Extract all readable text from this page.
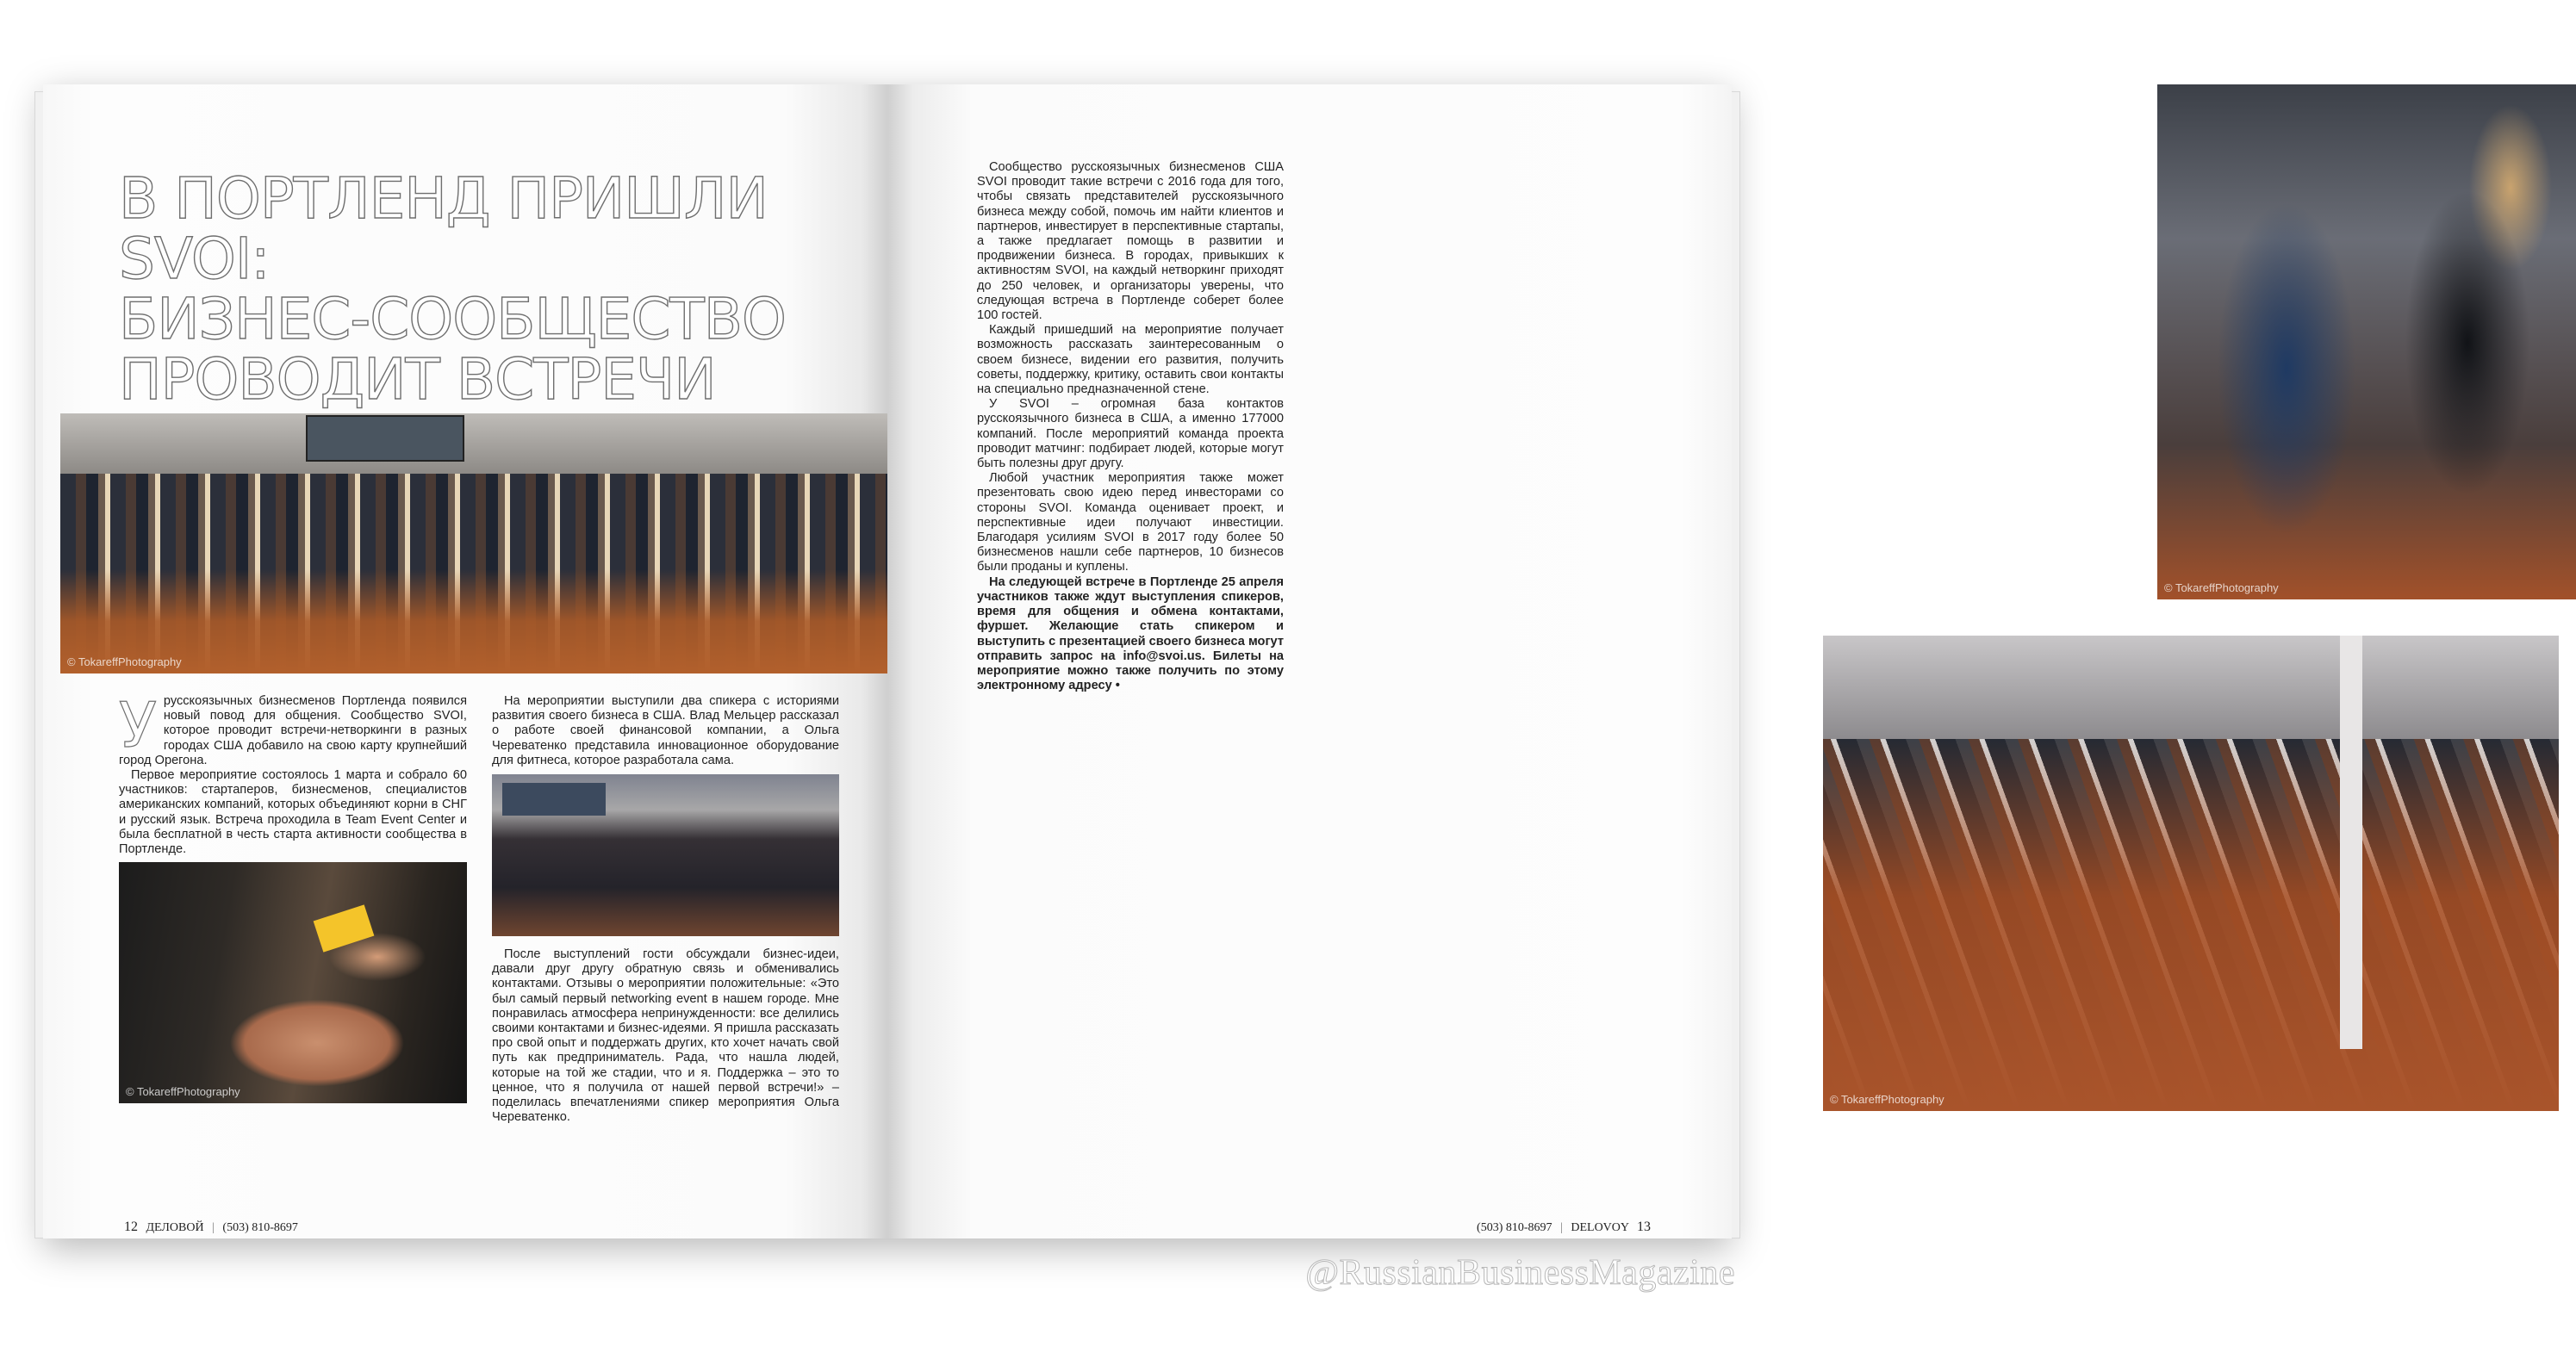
В ПОРТЛЕНД ПРИШЛИ SVOI:
БИЗНЕС-СООБЩЕСТВО
ПРОВОДИТ ВСТРЕЧИ
© TokareffPhotography
У русскоязычных бизнесменов Портленда появился новый повод для общения. Сообщество SVOI, которое проводит встречи-нетворкинги в разных городах США добавило на свою карту крупнейший город Орегона.

Первое мероприятие состоялось 1 марта и собрало 60 участников: стартаперов, бизнесменов, специалистов американских компаний, которых объединяют корни в СНГ и русский язык. Встреча проходила в Team Event Center и была бесплатной в честь старта активности сообщества в Портленде.

© TokareffPhotography

На мероприятии выступили два спикера с историями развития своего бизнеса в США. Влад Мельцер рассказал о работе своей финансовой компании, а Ольга Череватенко представила инновационное оборудование для фитнеса, которое разработала сама.

После выступлений гости обсуждали бизнес-идеи, давали друг другу обратную связь и обменивались контактами. Отзывы о мероприятии положительные: «Это был самый первый networking event в нашем городе. Мне понравилась атмосфера непринужденности: все делились своими контактами и бизнес-идеями. Я пришла рассказать про свой опыт и поддержать других, кто хочет начать свой путь как предприниматель. Рада, что нашла людей, которые на той же стадии, что и я. Поддержка – это то ценное, что я получила от нашей первой встречи!» – поделилась впечатлениями спикер мероприятия Ольга Череватенко.

12 ДЕЛОВОЙ | (503) 810-8697

Сообщество русскоязычных бизнесменов США SVOI проводит такие встречи с 2016 года для того, чтобы связать представителей русскоязычного бизнеса между собой, помочь им найти клиентов и партнеров, инвестирует в перспективные стартапы, а также предлагает помощь в развитии и продвижении бизнеса. В городах, привыкших к активностям SVOI, на каждый нетворкинг приходят до 250 человек, и организаторы уверены, что следующая встреча в Портленде соберет более 100 гостей.

Каждый пришедший на мероприятие получает возможность рассказать заинтересованным о своем бизнесе, видении его развития, получить советы, поддержку, критику, оставить свои контакты на специально предназначенной стене.

У SVOI – огромная база контактов русскоязычного бизнеса в США, а именно 177000 компаний. После мероприятий команда проекта проводит матчинг: подбирает людей, которые могут быть полезны друг другу.

Любой участник мероприятия также может презентовать свою идею перед инвесторами со стороны SVOI. Команда оценивает проект, и перспективные идеи получают инвестиции. Благодаря усилиям SVOI в 2017 году более 50 бизнесменов нашли себе партнеров, 10 бизнесов были проданы и куплены.

На следующей встрече в Портленде 25 апреля участников также ждут выступления спикеров, время для общения и обмена контактами, фуршет. Желающие стать спикером и выступить с презентацией своего бизнеса могут отправить запрос на info@svoi.us. Билеты на мероприятие можно также получить по этому электронному адресу •

© TokareffPhotography
© TokareffPhotography
(503) 810-8697 | DELOVOY 13
@RussianBusinessMagazine
